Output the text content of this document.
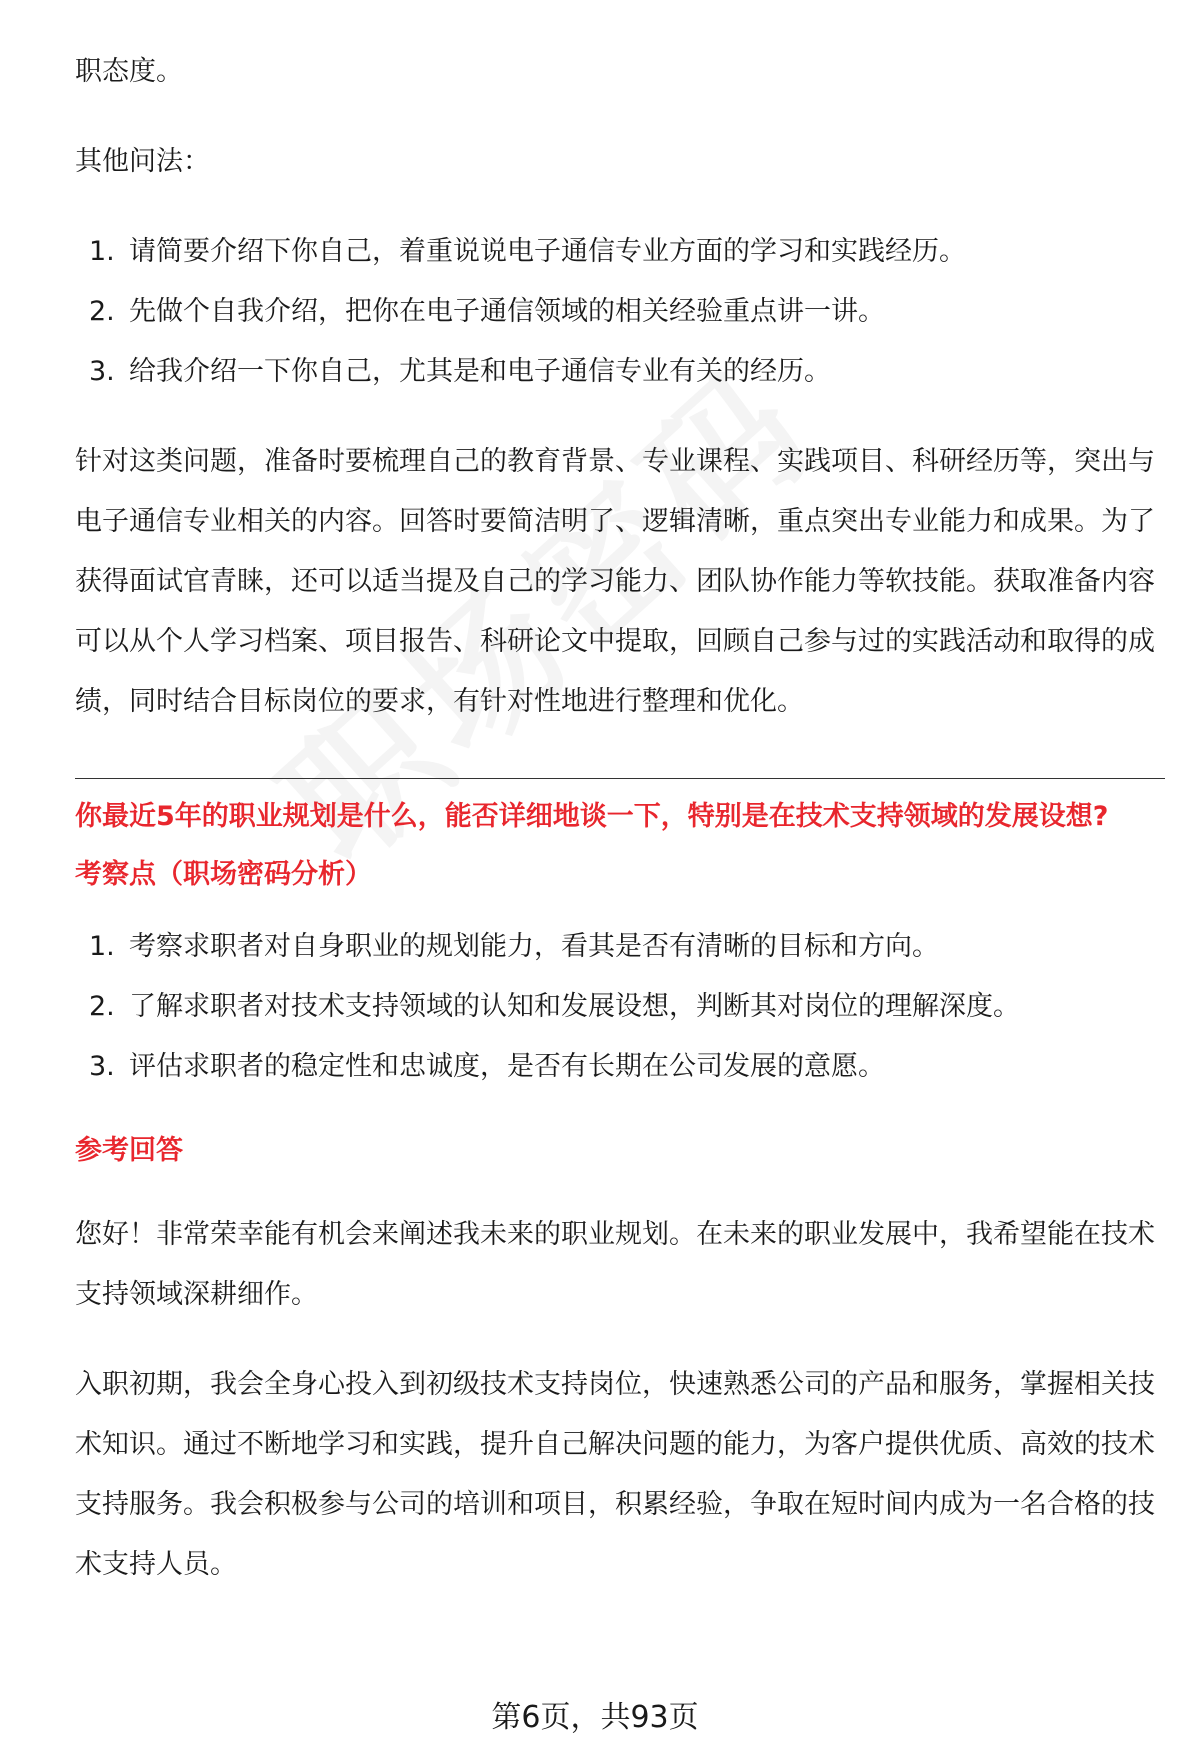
职态度。

其他问法：

1. 请简要介绍下你自己，着重说说电子通信专业方面的学习和实践经历。
2. 先做个自我介绍，把你在电子通信领域的相关经验重点讲一讲。
3. 给我介绍一下你自己，尤其是和电子通信专业有关的经历。

针对这类问题，准备时要梳理自己的教育背景、专业课程、实践项目、科研经历等，突出与电子通信专业相关的内容。回答时要简洁明了、逻辑清晰，重点突出专业能力和成果。为了获得面试官青睐，还可以适当提及自己的学习能力、团队协作能力等软技能。获取准备内容可以从个人学习档案、项目报告、科研论文中提取，回顾自己参与过的实践活动和取得的成绩，同时结合目标岗位的要求，有针对性地进行整理和优化。

你最近5年的职业规划是什么，能否详细地谈一下，特别是在技术支持领域的发展设想?
考察点（职场密码分析）
1. 考察求职者对自身职业的规划能力，看其是否有清晰的目标和方向。
2. 了解求职者对技术支持领域的认知和发展设想，判断其对岗位的理解深度。
3. 评估求职者的稳定性和忠诚度，是否有长期在公司发展的意愿。
参考回答

您好！非常荣幸能有机会来阐述我未来的职业规划。在未来的职业发展中，我希望能在技术支持领域深耕细作。

入职初期，我会全身心投入到初级技术支持岗位，快速熟悉公司的产品和服务，掌握相关技术知识。通过不断地学习和实践，提升自己解决问题的能力，为客户提供优质、高效的技术支持服务。我会积极参与公司的培训和项目，积累经验，争取在短时间内成为一名合格的技术支持人员。

第6页，共93页
